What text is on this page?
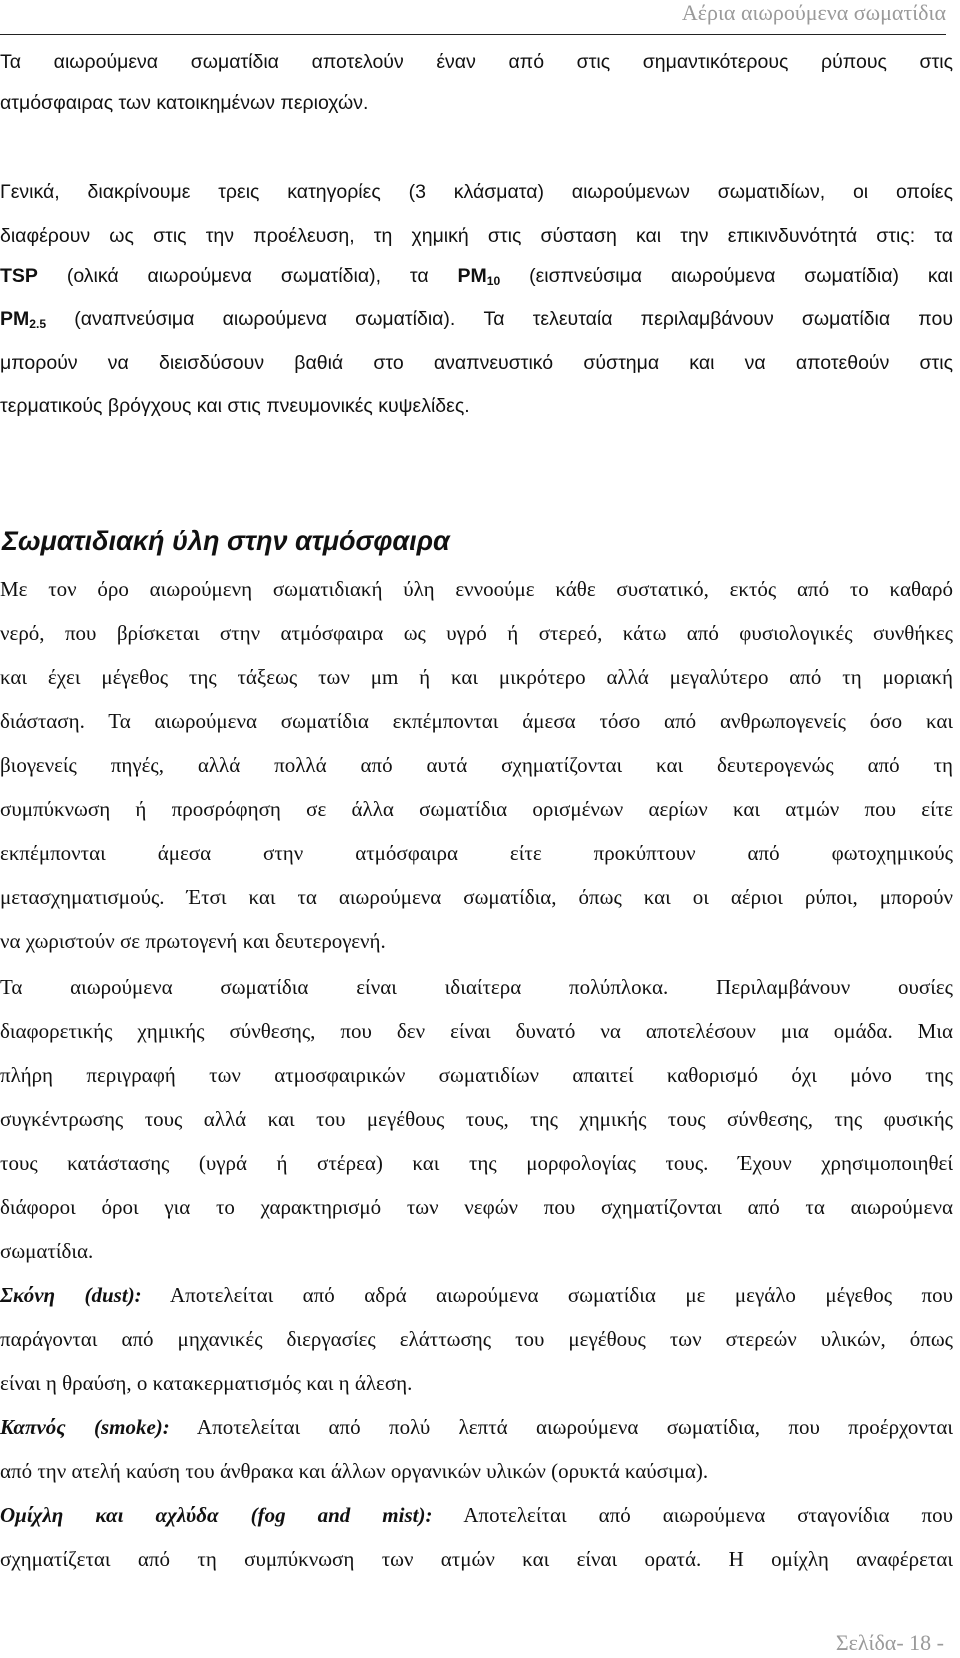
Αέρια αιωρούμενα σωματίδια
Τα αιωρούμενα σωματίδια αποτελούν έναν από στις σημαντικότερους ρύπους στις
ατμόσφαιρας των κατοικημένων περιοχών.
Γενικά, διακρίνουμε τρεις κατηγορίες (3 κλάσματα) αιωρούμενων σωματιδίων, οι οποίες
διαφέρουν ως στις την προέλευση, τη χημική στις σύσταση και την επικινδυνότητά στις: τα
TSP (ολικά αιωρούμενα σωματίδια), τα $PM_{10}$ (εισπνεύσιμα αιωρούμενα σωματίδια) και
$PM_{2.5}$ (αναπνεύσιμα αιωρούμενα σωματίδια). Τα τελευταία περιλαμβάνουν σωματίδια που
μπορούν να διεισδύσουν βαθιά στο αναπνευστικό σύστημα και να αποτεθούν στις
τερματικούς βρόγχους και στις πνευμονικές κυψελίδες.
Σωματιδιακή ύλη στην ατμόσφαιρα
Με τον όρο αιωρούμενη σωματιδιακή ύλη εννοούμε κάθε συστατικό, εκτός από το καθαρό
νερό, που βρίσκεται στην ατμόσφαιρα ως υγρό ή στερεό, κάτω από φυσιολογικές συνθήκες
και έχει μέγεθος της τάξεως των μm ή και μικρότερο αλλά μεγαλύτερο από τη μοριακή
διάσταση. Τα αιωρούμενα σωματίδια εκπέμπονται άμεσα τόσο από ανθρωπογενείς όσο και
βιογενείς πηγές, αλλά πολλά από αυτά σχηματίζονται και δευτερογενώς από τη
συμπύκνωση ή προσρόφηση σε άλλα σωματίδια ορισμένων αερίων και ατμών που είτε
εκπέμπονται άμεσα στην ατμόσφαιρα είτε προκύπτουν από φωτοχημικούς
μετασχηματισμούς. Έτσι και τα αιωρούμενα σωματίδια, όπως και οι αέριοι ρύποι, μπορούν
να χωριστούν σε πρωτογενή και δευτερογενή.
Τα αιωρούμενα σωματίδια είναι ιδιαίτερα πολύπλοκα. Περιλαμβάνουν ουσίες
διαφορετικής χημικής σύνθεσης, που δεν είναι δυνατό να αποτελέσουν μια ομάδα. Μια
πλήρη περιγραφή των ατμοσφαιρικών σωματιδίων απαιτεί καθορισμό όχι μόνο της
συγκέντρωσης τους αλλά και του μεγέθους τους, της χημικής τους σύνθεσης, της φυσικής
τους κατάστασης (υγρά ή στέρεα) και της μορφολογίας τους. Έχουν χρησιμοποιηθεί
διάφοροι όροι για το χαρακτηρισμό των νεφών που σχηματίζονται από τα αιωρούμενα
σωματίδια.
Σκόνη (dust): Αποτελείται από αδρά αιωρούμενα σωματίδια με μεγάλο μέγεθος που
παράγονται από μηχανικές διεργασίες ελάττωσης του μεγέθους των στερεών υλικών, όπως
είναι η θραύση, ο κατακερματισμός και η άλεση.
Καπνός (smoke): Αποτελείται από πολύ λεπτά αιωρούμενα σωματίδια, που προέρχονται
από την ατελή καύση του άνθρακα και άλλων οργανικών υλικών (ορυκτά καύσιμα).
Ομίχλη και αχλύδα (fog and mist): Αποτελείται από αιωρούμενα σταγονίδια που
σχηματίζεται από τη συμπύκνωση των ατμών και είναι ορατά. Η ομίχλη αναφέρεται
Σελίδα- 18 -
